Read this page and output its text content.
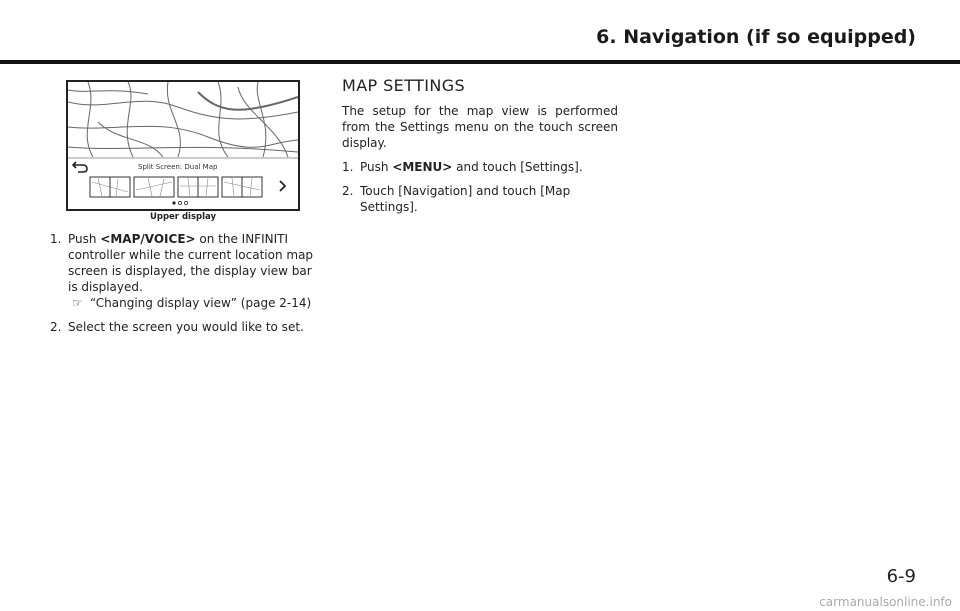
6. Navigation (if so equipped)
Split Screen: Dual Map
Upper display
1. Push <MAP/VOICE> on the INFINITI controller while the current location map screen is displayed, the display view bar is displayed.
☞ “Changing display view” (page 2-14)
2. Select the screen you would like to set.
MAP SETTINGS

The setup for the map view is performed from the Settings menu on the touch screen display.

1. Push <MENU> and touch [Settings].
2. Touch [Navigation] and touch [Map Settings].
6-9
carmanualsonline.info
